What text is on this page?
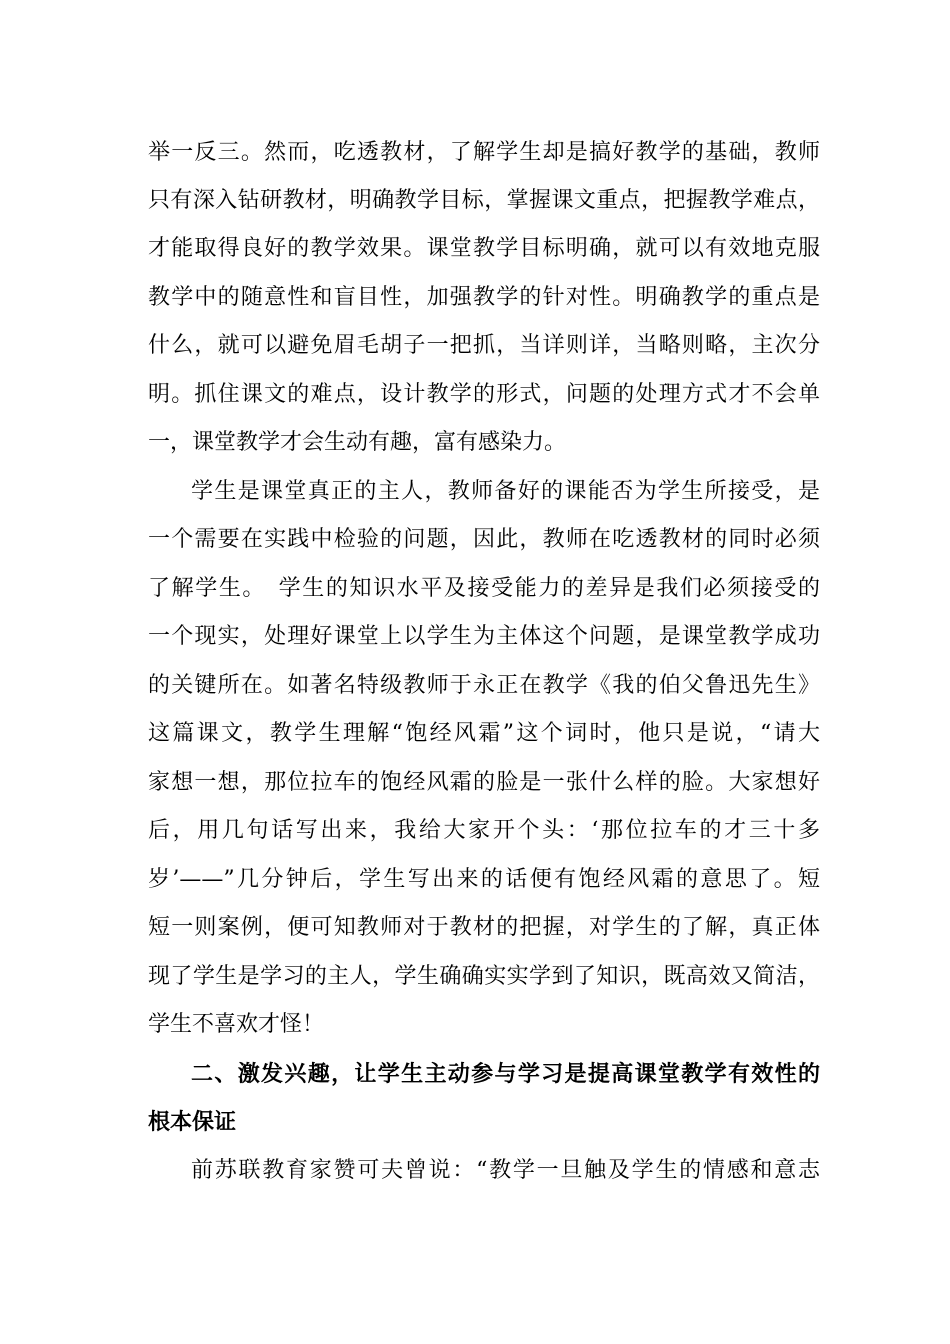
举一反三。然而，吃透教材，了解学生却是搞好教学的基础，教师
只有深入钻研教材，明确教学目标，掌握课文重点，把握教学难点，
才能取得良好的教学效果。课堂教学目标明确，就可以有效地克服
教学中的随意性和盲目性，加强教学的针对性。明确教学的重点是
什么，就可以避免眉毛胡子一把抓，当详则详，当略则略，主次分
明。抓住课文的难点，设计教学的形式，问题的处理方式才不会单
一，课堂教学才会生动有趣，富有感染力。
学生是课堂真正的主人，教师备好的课能否为学生所接受，是
一个需要在实践中检验的问题，因此，教师在吃透教材的同时必须
了解学生。　学生的知识水平及接受能力的差异是我们必须接受的
一个现实，处理好课堂上以学生为主体这个问题，是课堂教学成功
的关键所在。如著名特级教师于永正在教学《我的伯父鲁迅先生》
这篇课文，教学生理解“饱经风霜”这个词时，他只是说，“请大
家想一想，那位拉车的饱经风霜的脸是一张什么样的脸。大家想好
后，用几句话写出来，我给大家开个头：‘那位拉车的才三十多
岁’——”几分钟后，学生写出来的话便有饱经风霜的意思了。短
短一则案例，便可知教师对于教材的把握，对学生的了解，真正体
现了学生是学习的主人，学生确确实实学到了知识，既高效又简洁，
学生不喜欢才怪！
二、激发兴趣，让学生主动参与学习是提高课堂教学有效性的
根本保证
前苏联教育家赞可夫曾说：“教学一旦触及学生的情感和意志
